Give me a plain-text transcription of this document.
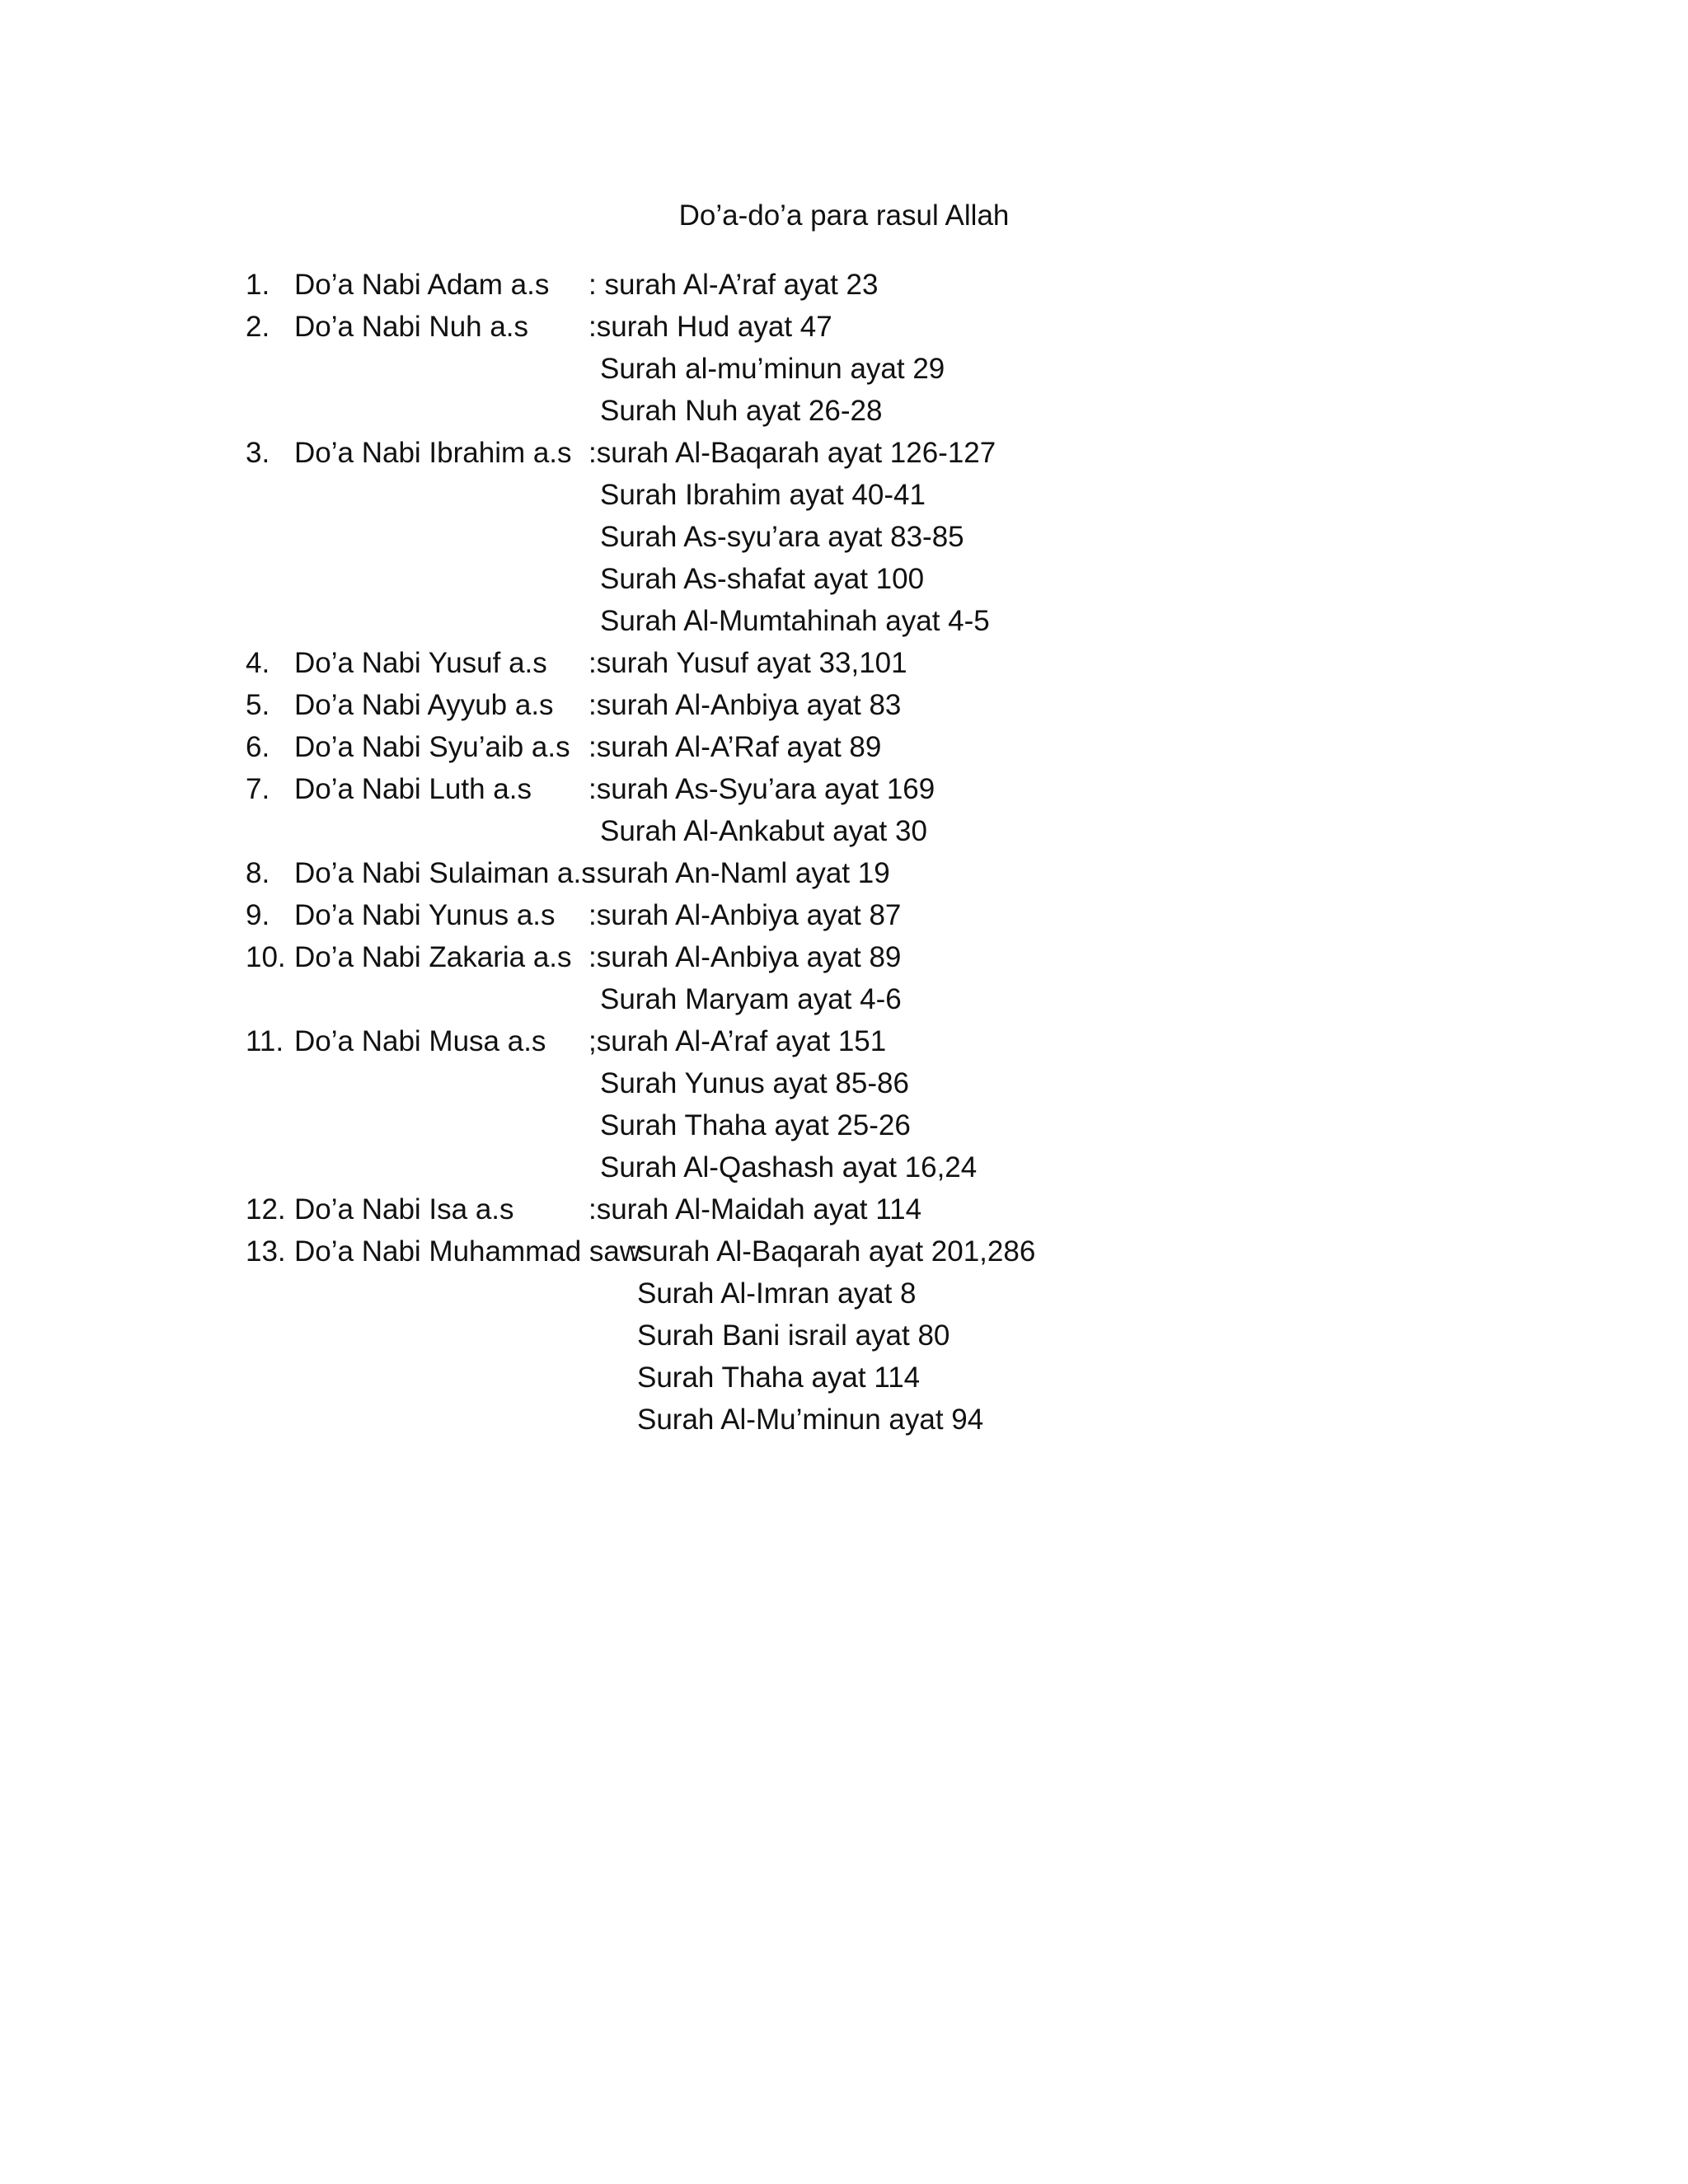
Do’a-do’a para rasul Allah
1. Do’a Nabi Adam a.s : surah Al-A’raf ayat 23
2. Do’a Nabi Nuh a.s :surah Hud ayat 47
Surah al-mu’minun ayat 29
Surah Nuh ayat 26-28
3. Do’a Nabi Ibrahim a.s :surah Al-Baqarah ayat 126-127
Surah Ibrahim ayat 40-41
Surah As-syu’ara ayat 83-85
Surah As-shafat ayat 100
Surah Al-Mumtahinah ayat 4-5
4. Do’a Nabi Yusuf a.s :surah Yusuf ayat 33,101
5. Do’a Nabi Ayyub a.s :surah Al-Anbiya ayat 83
6. Do’a Nabi Syu’aib a.s :surah Al-A’Raf ayat 89
7. Do’a Nabi Luth a.s :surah As-Syu’ara ayat 169
Surah Al-Ankabut ayat 30
8. Do’a Nabi Sulaiman a.s
:surah An-Naml ayat 19
9. Do’a Nabi Yunus a.s :surah Al-Anbiya ayat 87
10. Do’a Nabi Zakaria a.s :surah Al-Anbiya ayat 89
Surah Maryam ayat 4-6
11. Do’a Nabi Musa a.s ;surah Al-A’raf ayat 151
Surah Yunus ayat 85-86
Surah Thaha ayat 25-26
Surah Al-Qashash ayat 16,24
12. Do’a Nabi Isa a.s	:surah Al-Maidah ayat 114
13. Do’a Nabi Muhammad saw
:surah Al-Baqarah ayat 201,286
Surah Al-Imran ayat 8
Surah Bani israil ayat 80
Surah Thaha ayat 114
Surah Al-Mu’minun ayat 94
